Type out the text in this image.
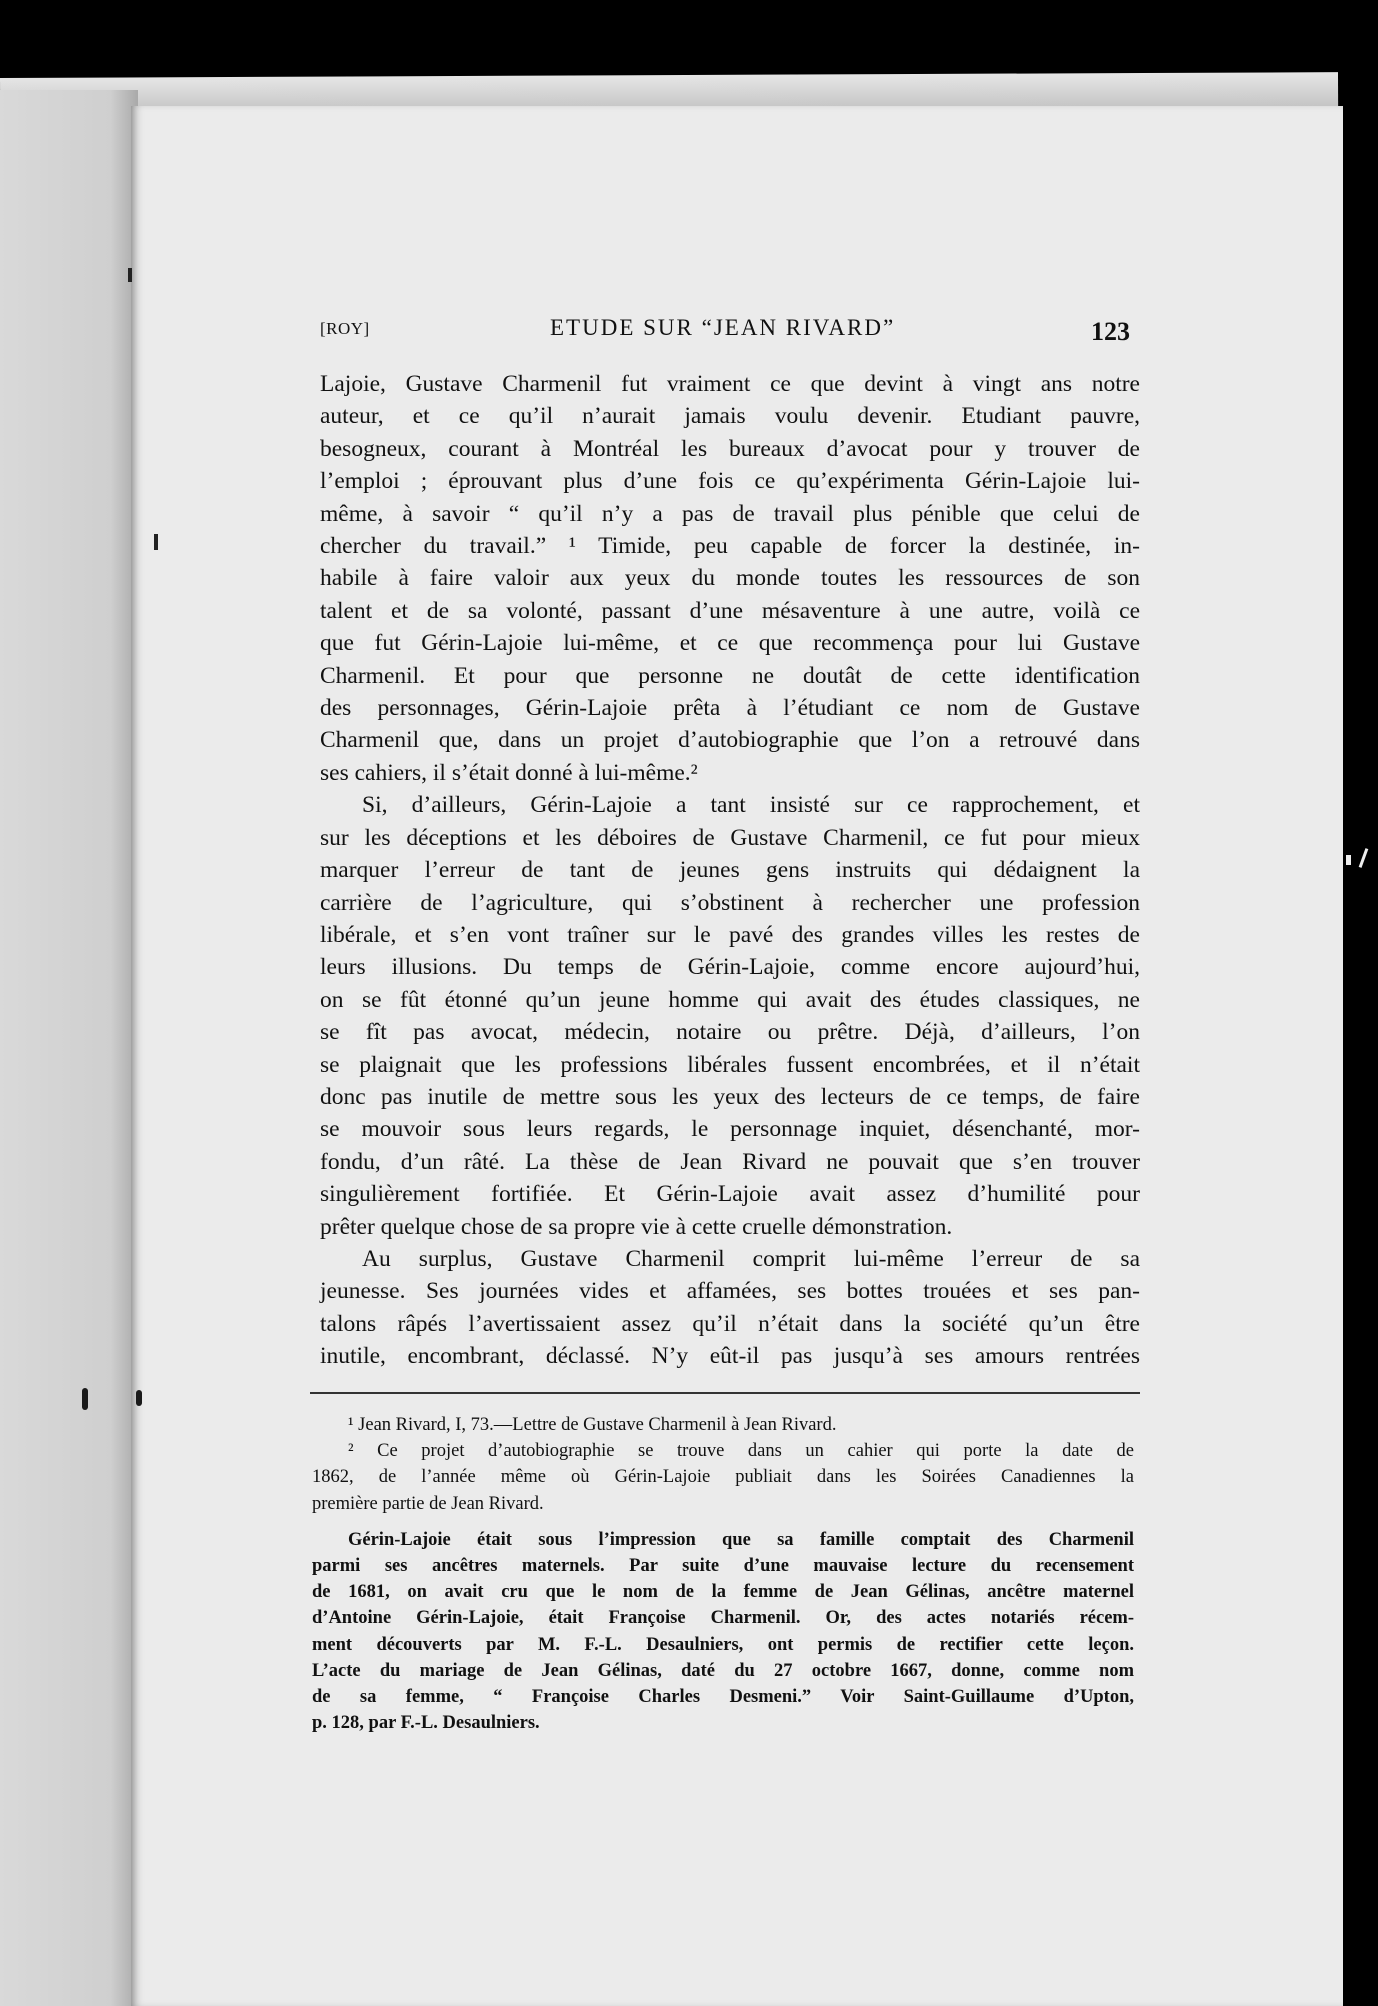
[ROY]	ETUDE SUR “JEAN RIVARD”	123
Lajoie, Gustave Charmenil fut vraiment ce que devint à vingt ans notre
auteur, et ce qu’il n’aurait jamais voulu devenir. Etudiant pauvre,
besogneux, courant à Montréal les bureaux d’avocat pour y trouver de
l’emploi ; éprouvant plus d’une fois ce qu’expérimenta Gérin-Lajoie lui-
même, à savoir “ qu’il n’y a pas de travail plus pénible que celui de
chercher du travail.” ¹ Timide, peu capable de forcer la destinée, in-
habile à faire valoir aux yeux du monde toutes les ressources de son
talent et de sa volonté, passant d’une mésaventure à une autre, voilà ce
que fut Gérin-Lajoie lui-même, et ce que recommença pour lui Gustave
Charmenil. Et pour que personne ne doutât de cette identification
des personnages, Gérin-Lajoie prêta à l’étudiant ce nom de Gustave
Charmenil que, dans un projet d’autobiographie que l’on a retrouvé dans
ses cahiers, il s’était donné à lui-même.²
Si, d’ailleurs, Gérin-Lajoie a tant insisté sur ce rapprochement, et
sur les déceptions et les déboires de Gustave Charmenil, ce fut pour mieux
marquer l’erreur de tant de jeunes gens instruits qui dédaignent la
carrière de l’agriculture, qui s’obstinent à rechercher une profession
libérale, et s’en vont traîner sur le pavé des grandes villes les restes de
leurs illusions. Du temps de Gérin-Lajoie, comme encore aujourd’hui,
on se fût étonné qu’un jeune homme qui avait des études classiques, ne
se fît pas avocat, médecin, notaire ou prêtre. Déjà, d’ailleurs, l’on
se plaignait que les professions libérales fussent encombrées, et il n’était
donc pas inutile de mettre sous les yeux des lecteurs de ce temps, de faire
se mouvoir sous leurs regards, le personnage inquiet, désenchanté, mor-
fondu, d’un râté. La thèse de Jean Rivard ne pouvait que s’en trouver
singulièrement fortifiée. Et Gérin-Lajoie avait assez d’humilité pour
prêter quelque chose de sa propre vie à cette cruelle démonstration.
Au surplus, Gustave Charmenil comprit lui-même l’erreur de sa
jeunesse. Ses journées vides et affamées, ses bottes trouées et ses pan-
talons râpés l’avertissaient assez qu’il n’était dans la société qu’un être
inutile, encombrant, déclassé. N’y eût-il pas jusqu’à ses amours rentrées
¹ Jean Rivard, I, 73.—Lettre de Gustave Charmenil à Jean Rivard.
² Ce projet d’autobiographie se trouve dans un cahier qui porte la date de
1862, de l’année même où Gérin-Lajoie publiait dans les Soirées Canadiennes la
première partie de Jean Rivard.
Gérin-Lajoie était sous l’impression que sa famille comptait des Charmenil
parmi ses ancêtres maternels. Par suite d’une mauvaise lecture du recensement
de 1681, on avait cru que le nom de la femme de Jean Gélinas, ancêtre maternel
d’Antoine Gérin-Lajoie, était Françoise Charmenil. Or, des actes notariés récem-
ment découverts par M. F.-L. Desaulniers, ont permis de rectifier cette leçon.
L’acte du mariage de Jean Gélinas, daté du 27 octobre 1667, donne, comme nom
de sa femme, “ Françoise Charles Desmeni.” Voir Saint-Guillaume d’Upton,
p. 128, par F.-L. Desaulniers.
